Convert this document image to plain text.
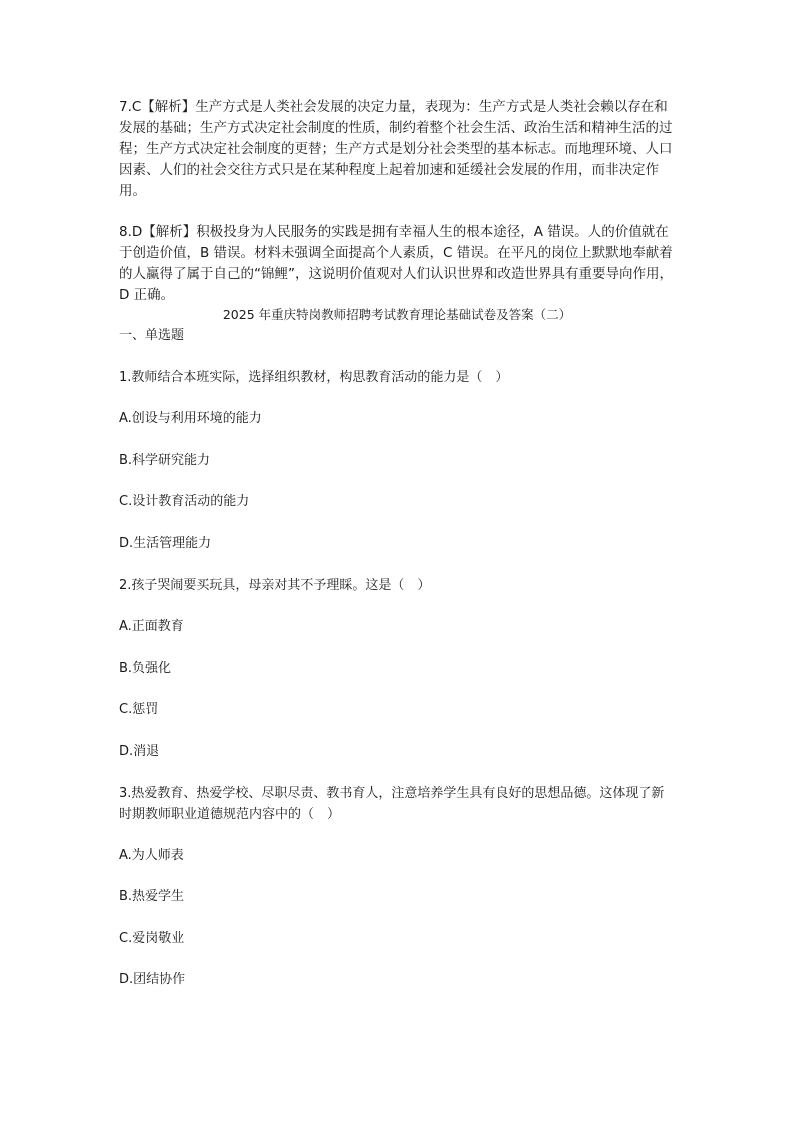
7.C【解析】生产方式是人类社会发展的决定力量，表现为：生产方式是人类社会赖以存在和发展的基础；生产方式决定社会制度的性质，制约着整个社会生活、政治生活和精神生活的过程；生产方式决定社会制度的更替；生产方式是划分社会类型的基本标志。而地理环境、人口因素、人们的社会交往方式只是在某种程度上起着加速和延缓社会发展的作用，而非决定作用。

8.D【解析】积极投身为人民服务的实践是拥有幸福人生的根本途径，A 错误。人的价值就在于创造价值，B 错误。材料未强调全面提高个人素质，C 错误。在平凡的岗位上默默地奉献着的人赢得了属于自己的“锦鲤”，这说明价值观对人们认识世界和改造世界具有重要导向作用，D 正确。

2025 年重庆特岗教师招聘考试教育理论基础试卷及答案（二）

一、单选题

1.教师结合本班实际，选择组织教材，构思教育活动的能力是（　）

A.创设与利用环境的能力

B.科学研究能力

C.设计教育活动的能力

D.生活管理能力

2.孩子哭闹要买玩具，母亲对其不予理睬。这是（　）

A.正面教育

B.负强化

C.惩罚

D.消退

3.热爱教育、热爱学校、尽职尽责、教书育人，注意培养学生具有良好的思想品德。这体现了新时期教师职业道德规范内容中的（　）

A.为人师表

B.热爱学生

C.爱岗敬业

D.团结协作
